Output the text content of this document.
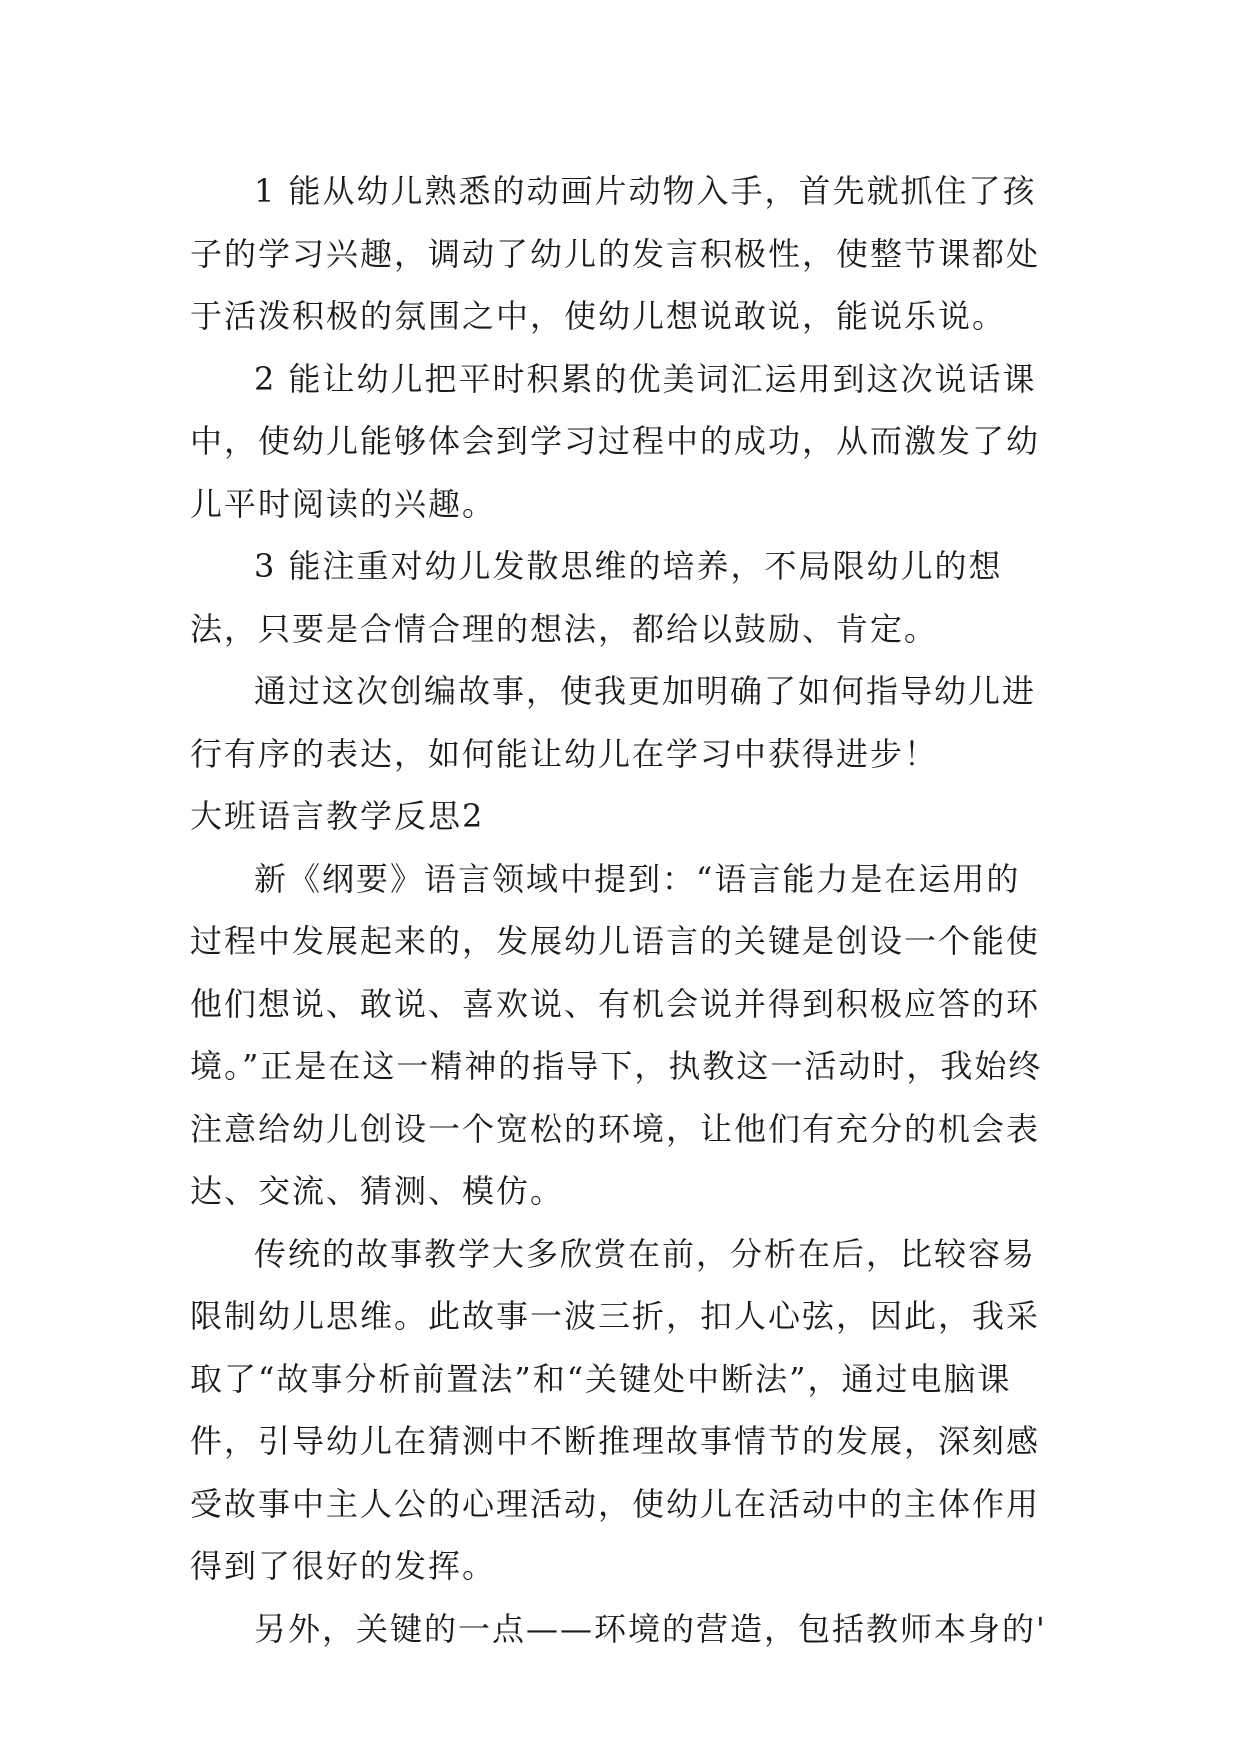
1 能从幼儿熟悉的动画片动物入手，首先就抓住了孩子的学习兴趣，调动了幼儿的发言积极性，使整节课都处于活泼积极的氛围之中，使幼儿想说敢说，能说乐说。

2 能让幼儿把平时积累的优美词汇运用到这次说话课中，使幼儿能够体会到学习过程中的成功，从而激发了幼儿平时阅读的兴趣。

3 能注重对幼儿发散思维的培养，不局限幼儿的想法，只要是合情合理的想法，都给以鼓励、肯定。

通过这次创编故事，使我更加明确了如何指导幼儿进行有序的表达，如何能让幼儿在学习中获得进步！

大班语言教学反思2

新《纲要》语言领域中提到：“语言能力是在运用的过程中发展起来的，发展幼儿语言的关键是创设一个能使他们想说、敢说、喜欢说、有机会说并得到积极应答的环境。”正是在这一精神的指导下，执教这一活动时，我始终注意给幼儿创设一个宽松的环境，让他们有充分的机会表达、交流、猜测、模仿。

传统的故事教学大多欣赏在前，分析在后，比较容易限制幼儿思维。此故事一波三折，扣人心弦，因此，我采取了“故事分析前置法”和“关键处中断法”，通过电脑课件，引导幼儿在猜测中不断推理故事情节的发展，深刻感受故事中主人公的心理活动，使幼儿在活动中的主体作用得到了很好的发挥。

另外，关键的一点——环境的营造，包括教师本身的'
